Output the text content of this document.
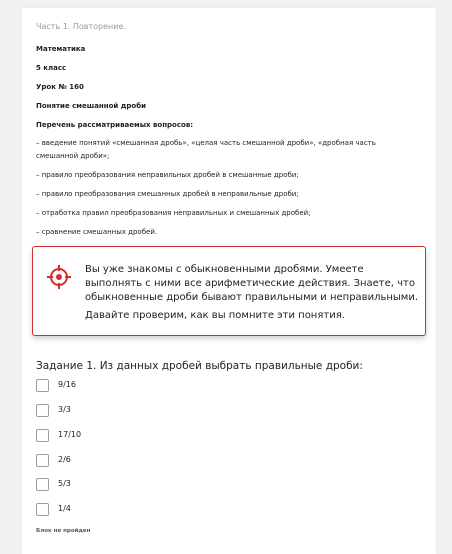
Часть 1. Повторение.
Математика
5 класс
Урок № 160
Понятие смешанной дроби
Перечень рассматриваемых вопросов:
– введение понятий «смешанная дробь», «целая часть смешанной дроби», «дробная часть
смешанной дроби»;
– правило преобразования неправильных дробей в смешанные дроби;
– правило преобразования смешанных дробей в неправильные дроби;
– отработка правил преобразования неправильных и смешанных дробей;
– сравнение смешанных дробей.
Вы уже знакомы с обыкновенными дробями. Умеете выполнять с ними все арифметические действия. Знаете, что обыкновенные дроби бывают правильными и неправильными.
Давайте проверим, как вы помните эти понятия.
Задание 1. Из данных дробей выбрать правильные дроби:
9/16
3/3
17/10
2/6
5/3
1/4
Блок не пройден
